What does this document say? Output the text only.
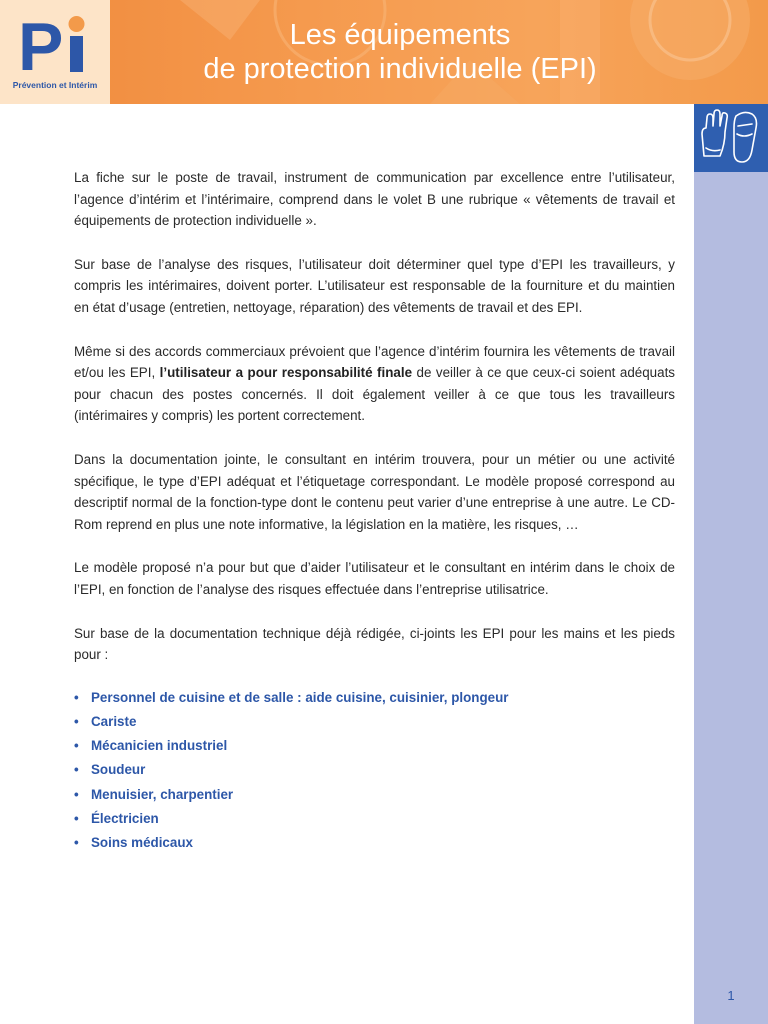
P
Prévention et Intérim
Les équipements
de protection individuelle (EPI)
1

La fiche sur le poste de travail, instrument de communication par excellence entre l’utilisateur, l’agence d’intérim et l’intérimaire, comprend dans le volet B une rubrique « vêtements de travail et équipements de protection individuelle ».

Sur base de l’analyse des risques, l’utilisateur doit déterminer quel type d’EPI les travailleurs, y compris les intérimaires, doivent porter. L’utilisateur est responsable de la fourniture et du maintien en état d’usage (entretien, nettoyage, réparation) des vêtements de travail et des EPI.

Même si des accords commerciaux prévoient que l’agence d’intérim fournira les vêtements de travail et/ou les EPI, l’utilisateur a pour responsabilité finale de veiller à ce que ceux-ci soient adéquats pour chacun des postes concernés. Il doit également veiller à ce que tous les travailleurs (intérimaires y compris) les portent correctement.

Dans la documentation jointe, le consultant en intérim trouvera, pour un métier ou une activité spécifique, le type d’EPI adéquat et l’étiquetage correspondant. Le modèle proposé correspond au descriptif normal de la fonction-type dont le contenu peut varier d’une entreprise à une autre. Le CD-Rom reprend en plus une note informative, la législation en la matière, les risques, …

Le modèle proposé n’a pour but que d’aider l’utilisateur et le consultant en intérim dans le choix de l’EPI, en fonction de l’analyse des risques effectuée dans l’entreprise utilisatrice.

Sur base de la documentation technique déjà rédigée, ci-joints les EPI pour les mains et les pieds pour :

• Personnel de cuisine et de salle : aide cuisine, cuisinier, plongeur
• Cariste
• Mécanicien industriel
• Soudeur
• Menuisier, charpentier
• Électricien
• Soins médicaux
